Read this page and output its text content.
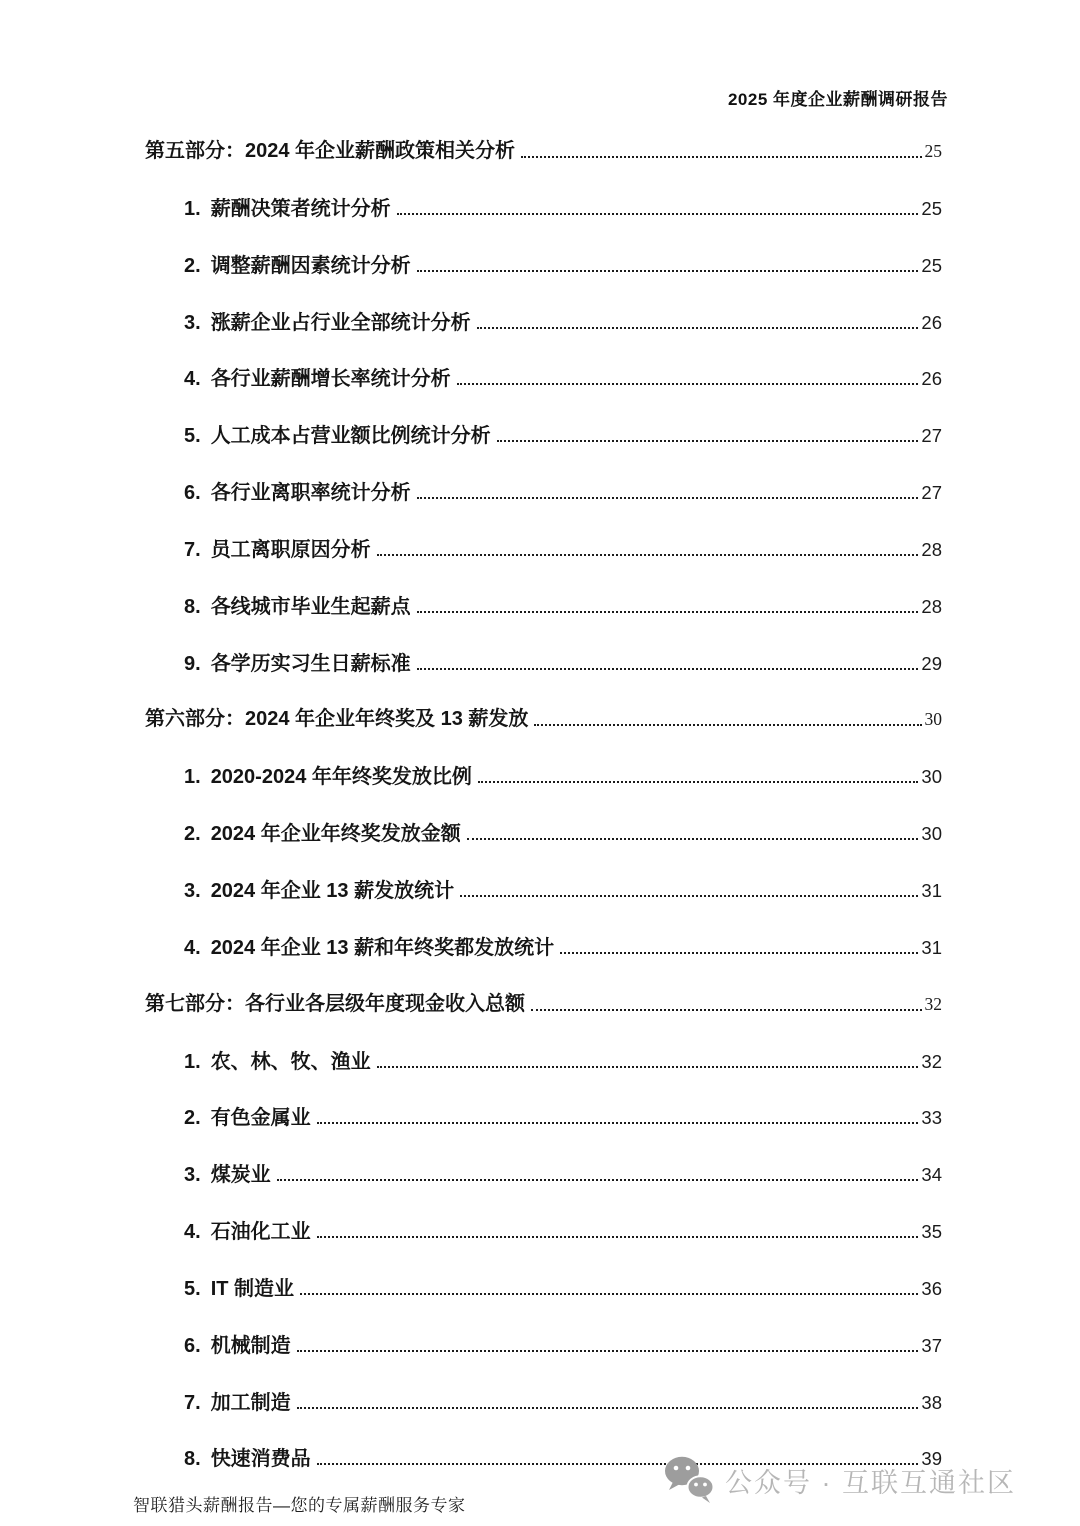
2025 年度企业薪酬调研报告
第五部分：2024 年企业薪酬政策相关分析	25
1. 薪酬决策者统计分析	25
2. 调整薪酬因素统计分析	25
3. 涨薪企业占行业全部统计分析	26
4. 各行业薪酬增长率统计分析	26
5. 人工成本占营业额比例统计分析	27
6. 各行业离职率统计分析	27
7. 员工离职原因分析	28
8. 各线城市毕业生起薪点	28
9. 各学历实习生日薪标准	29
第六部分：2024 年企业年终奖及 13 薪发放	30
1. 2020-2024 年年终奖发放比例	30
2. 2024 年企业年终奖发放金额	30
3. 2024 年企业 13 薪发放统计	31
4. 2024 年企业 13 薪和年终奖都发放统计	31
第七部分：各行业各层级年度现金收入总额	32
1. 农、林、牧、渔业	32
2. 有色金属业	33
3. 煤炭业	34
4. 石油化工业	35
5. IT 制造业	36
6. 机械制造	37
7. 加工制造	38
8. 快速消费品	39
智联猎头薪酬报告—您的专属薪酬服务专家
公众号 · 互联互通社区
